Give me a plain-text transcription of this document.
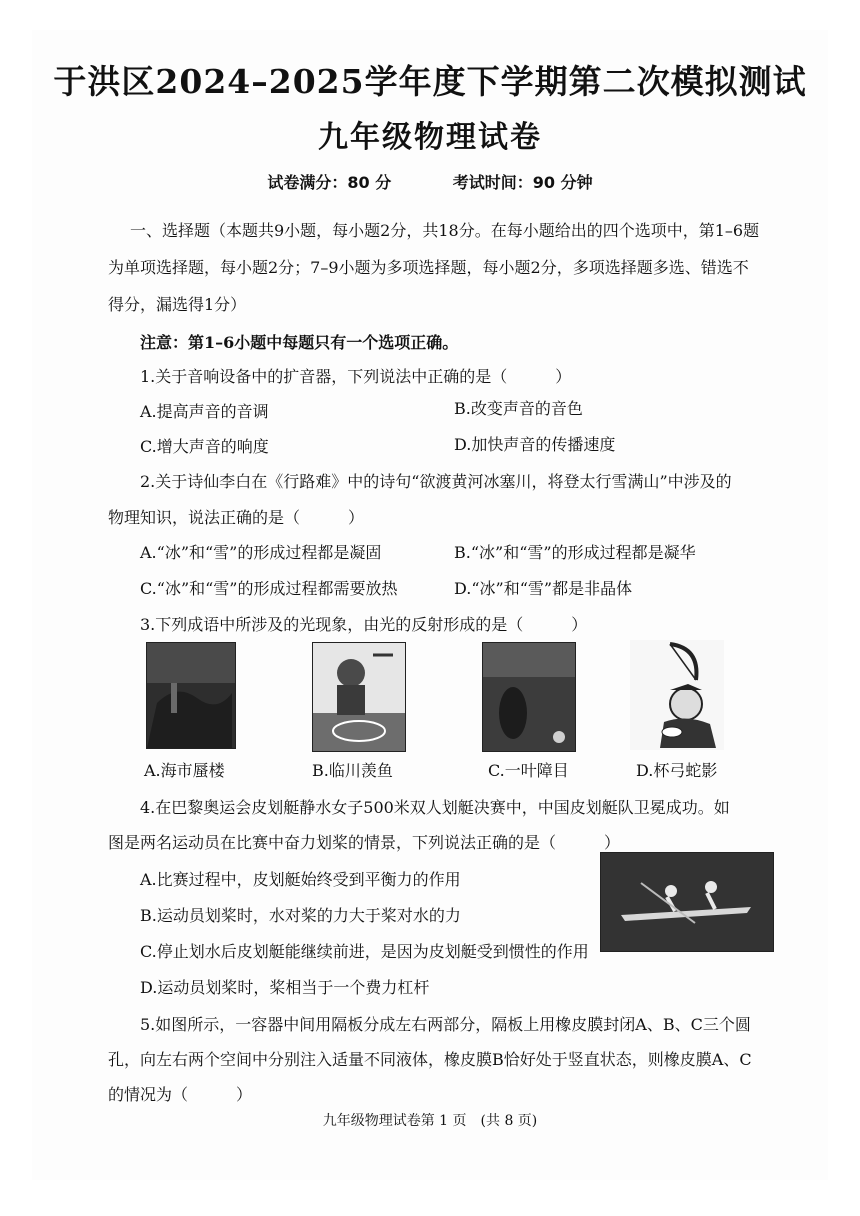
于洪区2024–2025学年度下学期第二次模拟测试
九年级物理试卷
试卷满分：80 分	考试时间：90 分钟
一、选择题（本题共9小题，每小题2分，共18分。在每小题给出的四个选项中，第1–6题
为单项选择题，每小题2分；7–9小题为多项选择题，每小题2分，多项选择题多选、错选不
得分，漏选得1分）
注意：第1–6小题中每题只有一个选项正确。
1.关于音响设备中的扩音器，下列说法中正确的是（　　　）
A.提高声音的音调	B.改变声音的音色
C.增大声音的响度	D.加快声音的传播速度
2.关于诗仙李白在《行路难》中的诗句“欲渡黄河冰塞川，将登太行雪满山”中涉及的
物理知识，说法正确的是（　　　）
A.“冰”和“雪”的形成过程都是凝固	B.“冰”和“雪”的形成过程都是凝华
C.“冰”和“雪”的形成过程都需要放热	D.“冰”和“雪”都是非晶体
3.下列成语中所涉及的光现象，由光的反射形成的是（　　　）
A.海市蜃楼	B.临川羡鱼	C.一叶障目	D.杯弓蛇影
4.在巴黎奥运会皮划艇静水女子500米双人划艇决赛中，中国皮划艇队卫冕成功。如
图是两名运动员在比赛中奋力划桨的情景，下列说法正确的是（　　　）
A.比赛过程中，皮划艇始终受到平衡力的作用
B.运动员划桨时，水对桨的力大于桨对水的力
C.停止划水后皮划艇能继续前进，是因为皮划艇受到惯性的作用
D.运动员划桨时，桨相当于一个费力杠杆
5.如图所示，一容器中间用隔板分成左右两部分，隔板上用橡皮膜封闭A、B、C三个圆
孔，向左右两个空间中分别注入适量不同液体，橡皮膜B恰好处于竖直状态，则橡皮膜A、C
的情况为（　　　）
九年级物理试卷第 1 页　(共 8 页)
